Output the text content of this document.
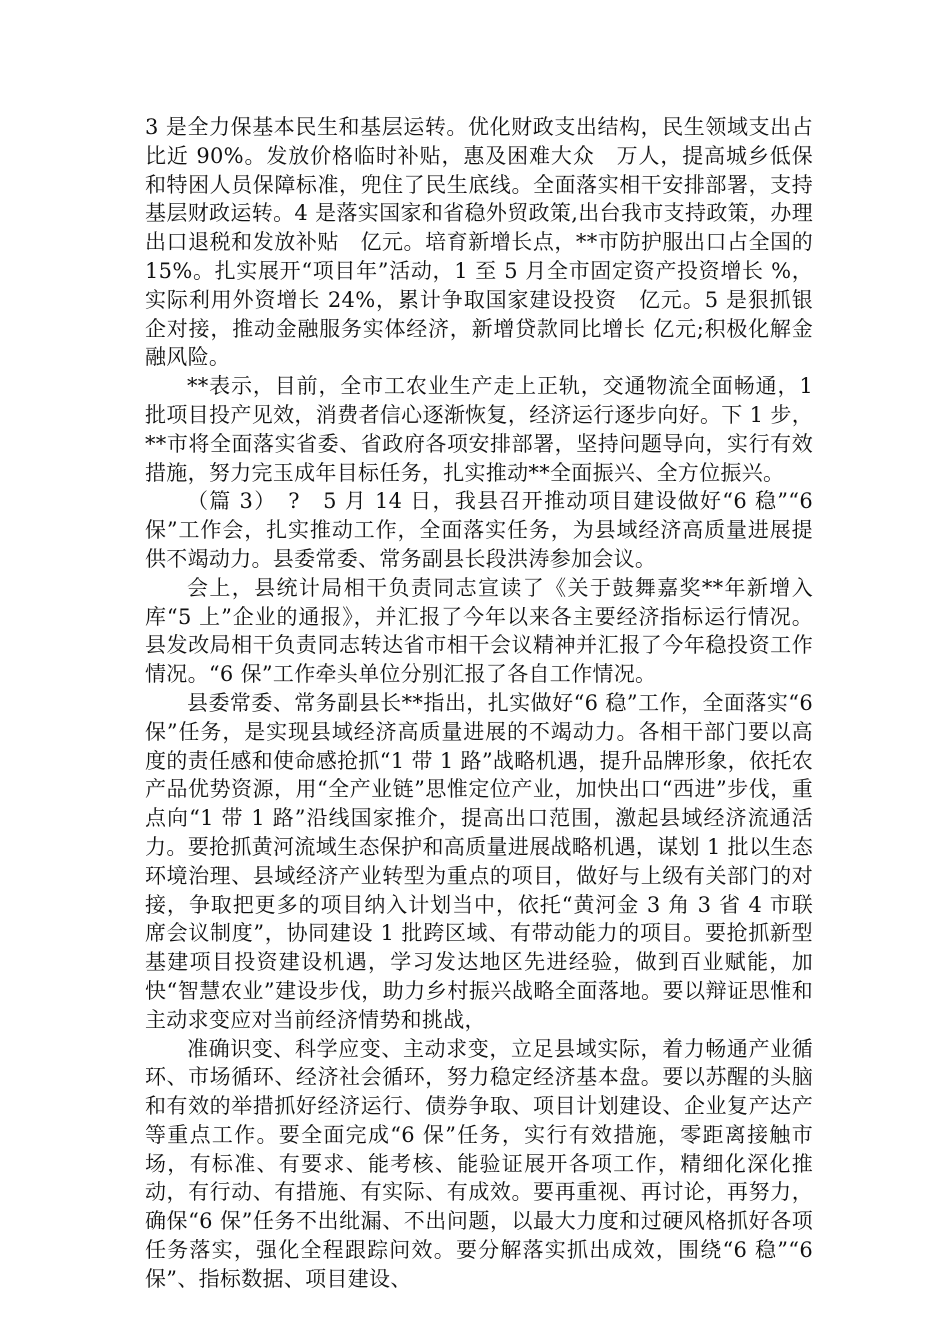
3 是全力保基本民生和基层运转。优化财政支出结构，民生领域支出占比近 90%。发放价格临时补贴，惠及困难大众　万人，提高城乡低保和特困人员保障标准，兜住了民生底线。全面落实相干安排部署，支持基层财政运转。4 是落实国家和省稳外贸政策,出台我市支持政策，办理出口退税和发放补贴　亿元。培育新增长点，**市防护服出口占全国的 15%。扎实展开“项目年”活动，1 至 5 月全市固定资产投资增长 %，实际利用外资增长 24%，累计争取国家建设投资　亿元。5 是狠抓银企对接，推动金融服务实体经济，新增贷款同比增长 亿元;积极化解金融风险。

**表示，目前，全市工农业生产走上正轨，交通物流全面畅通，1 批项目投产见效，消费者信心逐渐恢复，经济运行逐步向好。下 1 步，**市将全面落实省委、省政府各项安排部署，坚持问题导向，实行有效措施，努力完玉成年目标任务，扎实推动**全面振兴、全方位振兴。

（篇 3）　?　5 月 14 日，我县召开推动项目建设做好“6 稳”“6 保”工作会，扎实推动工作，全面落实任务，为县域经济高质量进展提供不竭动力。县委常委、常务副县长段洪涛参加会议。

会上，县统计局相干负责同志宣读了《关于鼓舞嘉奖**年新增入库“5 上”企业的通报》，并汇报了今年以来各主要经济指标运行情况。县发改局相干负责同志转达省市相干会议精神并汇报了今年稳投资工作情况。“6 保”工作牵头单位分别汇报了各自工作情况。

县委常委、常务副县长**指出，扎实做好“6 稳”工作，全面落实“6 保”任务，是实现县域经济高质量进展的不竭动力。各相干部门要以高度的责任感和使命感抢抓“1 带 1 路”战略机遇，提升品牌形象，依托农产品优势资源，用“全产业链”思惟定位产业，加快出口“西进”步伐，重点向“1 带 1 路”沿线国家推介，提高出口范围，激起县域经济流通活力。要抢抓黄河流域生态保护和高质量进展战略机遇，谋划 1 批以生态环境治理、县域经济产业转型为重点的项目，做好与上级有关部门的对接，争取把更多的项目纳入计划当中，依托“黄河金 3 角 3 省 4 市联席会议制度”，协同建设 1 批跨区域、有带动能力的项目。要抢抓新型基建项目投资建设机遇，学习发达地区先进经验，做到百业赋能，加快“智慧农业”建设步伐，助力乡村振兴战略全面落地。要以辩证思惟和主动求变应对当前经济情势和挑战，

准确识变、科学应变、主动求变，立足县域实际，着力畅通产业循环、市场循环、经济社会循环，努力稳定经济基本盘。要以苏醒的头脑和有效的举措抓好经济运行、债券争取、项目计划建设、企业复产达产等重点工作。要全面完成“6 保”任务，实行有效措施，零距离接触市场，有标准、有要求、能考核、能验证展开各项工作，精细化深化推动，有行动、有措施、有实际、有成效。要再重视、再讨论，再努力，确保“6 保”任务不出纰漏、不出问题，以最大力度和过硬风格抓好各项任务落实，强化全程跟踪问效。要分解落实抓出成效，围绕“6 稳”“6 保”、指标数据、项目建设、
